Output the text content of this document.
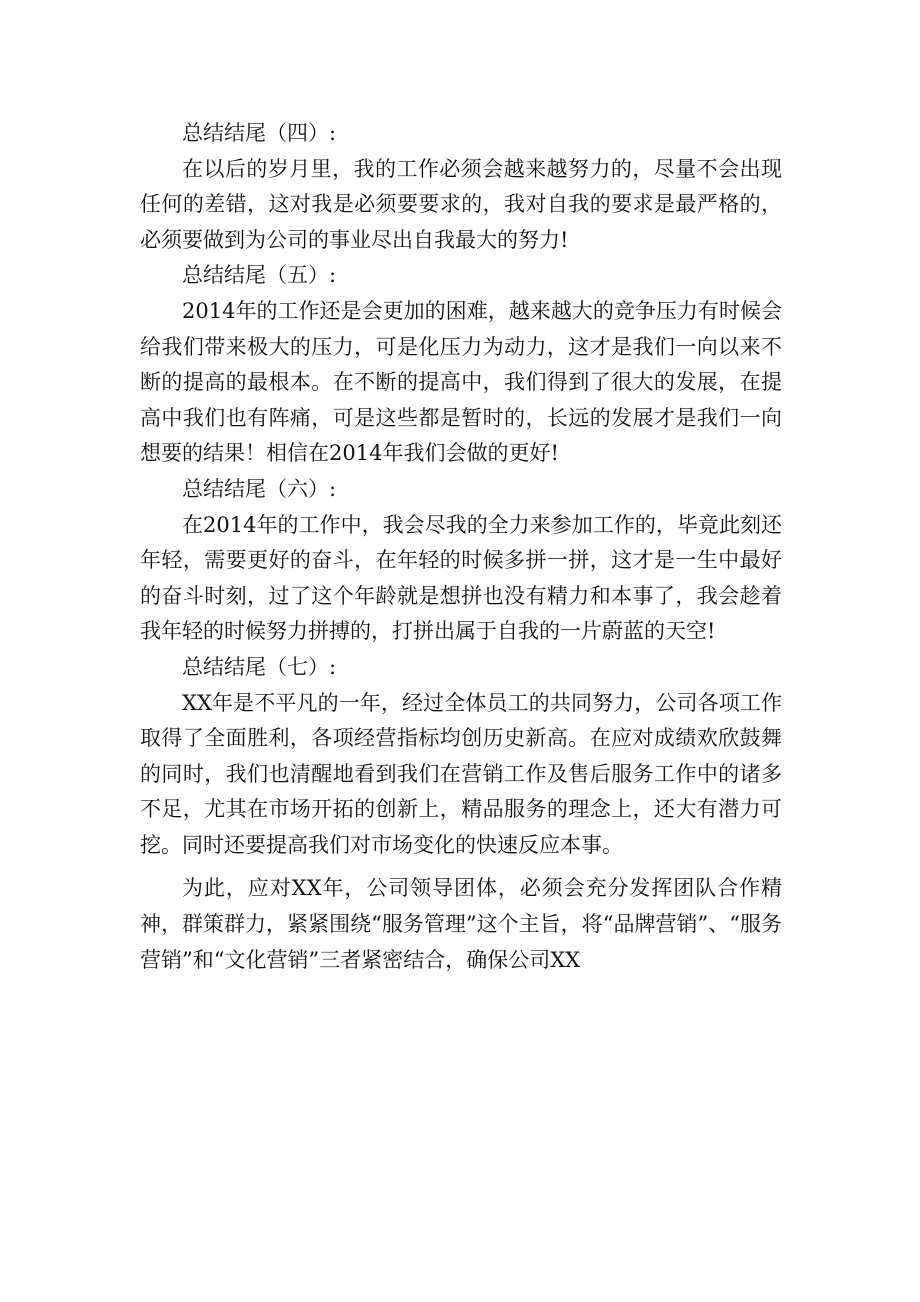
总结结尾（四）:

在以后的岁月里，我的工作必须会越来越努力的，尽量不会出现任何的差错，这对我是必须要要求的，我对自我的要求是最严格的，必须要做到为公司的事业尽出自我最大的努力!

总结结尾（五）:

2014年的工作还是会更加的困难，越来越大的竞争压力有时候会给我们带来极大的压力，可是化压力为动力，这才是我们一向以来不断的提高的最根本。在不断的提高中，我们得到了很大的发展，在提高中我们也有阵痛，可是这些都是暂时的，长远的发展才是我们一向想要的结果！相信在2014年我们会做的更好!

总结结尾（六）:

在2014年的工作中，我会尽我的全力来参加工作的，毕竟此刻还年轻，需要更好的奋斗，在年轻的时候多拼一拼，这才是一生中最好的奋斗时刻，过了这个年龄就是想拼也没有精力和本事了，我会趁着我年轻的时候努力拼搏的，打拼出属于自我的一片蔚蓝的天空!

总结结尾（七）:

XX年是不平凡的一年，经过全体员工的共同努力，公司各项工作取得了全面胜利，各项经营指标均创历史新高。在应对成绩欢欣鼓舞的同时，我们也清醒地看到我们在营销工作及售后服务工作中的诸多不足，尤其在市场开拓的创新上，精品服务的理念上，还大有潜力可挖。同时还要提高我们对市场变化的快速反应本事。

为此，应对XX年，公司领导团体，必须会充分发挥团队合作精神，群策群力，紧紧围绕“服务管理”这个主旨，将“品牌营销”、“服务营销”和“文化营销”三者紧密结合，确保公司XX
